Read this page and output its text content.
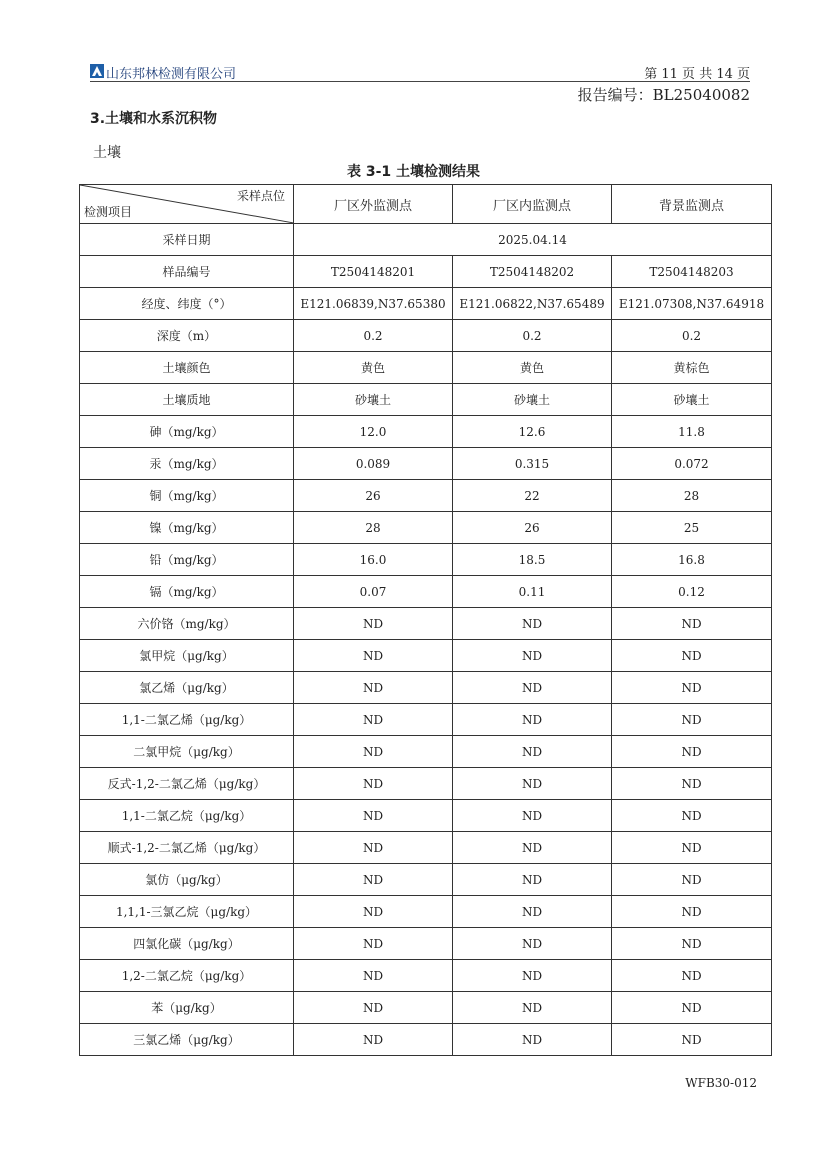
山东邦林检测有限公司	第 11 页 共 14 页
报告编号：BL25040082
3.土壤和水系沉积物
土壤
表 3-1 土壤检测结果
采样点位
检测项目	厂区外监测点	厂区内监测点	背景监测点
采样日期	2025.04.14		
样品编号	T2504148201	T2504148202	T2504148203
经度、纬度（°）	E121.06839,N37.65380	E121.06822,N37.65489	E121.07308,N37.64918
深度（m）	0.2	0.2	0.2
土壤颜色	黄色	黄色	黄棕色
土壤质地	砂壤土	砂壤土	砂壤土
砷（mg/kg）	12.0	12.6	11.8
汞（mg/kg）	0.089	0.315	0.072
铜（mg/kg）	26	22	28
镍（mg/kg）	28	26	25
铅（mg/kg）	16.0	18.5	16.8
镉（mg/kg）	0.07	0.11	0.12
六价铬（mg/kg）	ND	ND	ND
氯甲烷（μg/kg）	ND	ND	ND
氯乙烯（μg/kg）	ND	ND	ND
1,1-二氯乙烯（μg/kg）	ND	ND	ND
二氯甲烷（μg/kg）	ND	ND	ND
反式-1,2-二氯乙烯（μg/kg）	ND	ND	ND
1,1-二氯乙烷（μg/kg）	ND	ND	ND
顺式-1,2-二氯乙烯（μg/kg）	ND	ND	ND
氯仿（μg/kg）	ND	ND	ND
1,1,1-三氯乙烷（μg/kg）	ND	ND	ND
四氯化碳（μg/kg）	ND	ND	ND
1,2-二氯乙烷（μg/kg）	ND	ND	ND
苯（μg/kg）	ND	ND	ND
三氯乙烯（μg/kg）	ND	ND	ND
WFB30-012
